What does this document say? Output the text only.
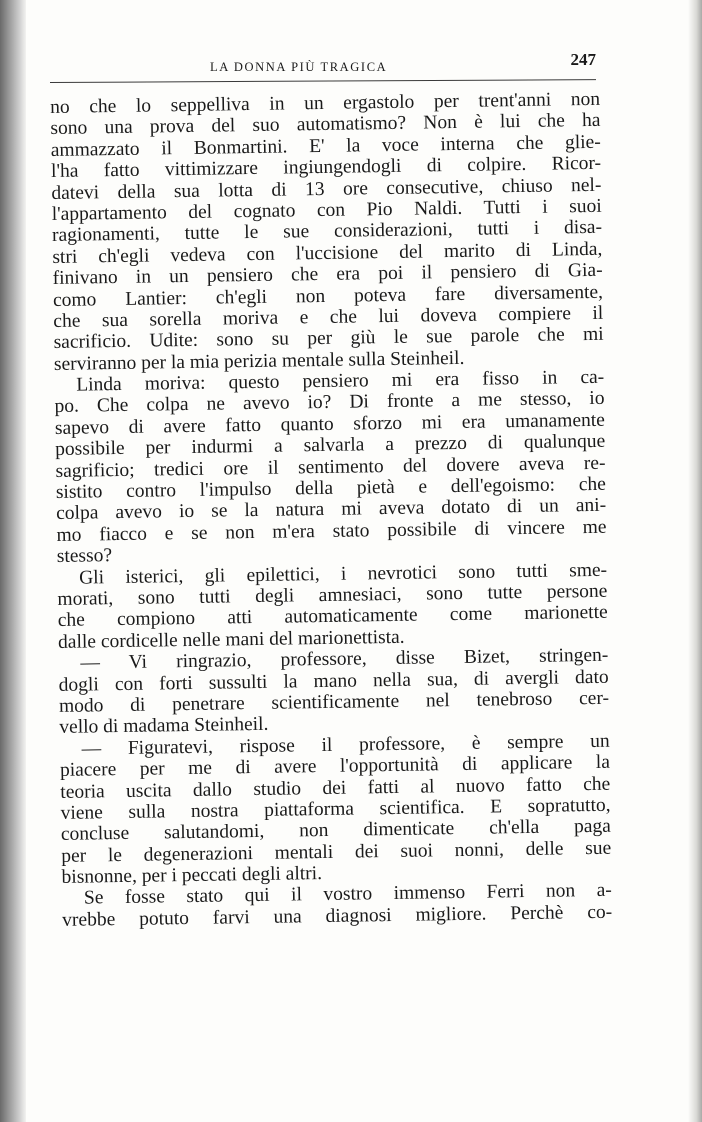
LA DONNA PIÙ TRAGICA	247
no che lo seppelliva in un ergastolo per trent'anni non
sono una prova del suo automatismo? Non è lui che ha
ammazzato il Bonmartini. E' la voce interna che glie-
l'ha fatto vittimizzare ingiungendogli di colpire. Ricor-
datevi della sua lotta di 13 ore consecutive, chiuso nel-
l'appartamento del cognato con Pio Naldi. Tutti i suoi
ragionamenti, tutte le sue considerazioni, tutti i disa-
stri ch'egli vedeva con l'uccisione del marito di Linda,
finivano in un pensiero che era poi il pensiero di Gia-
como Lantier: ch'egli non poteva fare diversamente,
che sua sorella moriva e che lui doveva compiere il
sacrificio. Udite: sono su per giù le sue parole che mi
serviranno per la mia perizia mentale sulla Steinheil.
Linda moriva: questo pensiero mi era fisso in ca-
po. Che colpa ne avevo io? Di fronte a me stesso, io
sapevo di avere fatto quanto sforzo mi era umanamente
possibile per indurmi a salvarla a prezzo di qualunque
sagrificio; tredici ore il sentimento del dovere aveva re-
sistito contro l'impulso della pietà e dell'egoismo: che
colpa avevo io se la natura mi aveva dotato di un ani-
mo fiacco e se non m'era stato possibile di vincere me
stesso?
Gli isterici, gli epilettici, i nevrotici sono tutti sme-
morati, sono tutti degli amnesiaci, sono tutte persone
che compiono atti automaticamente come marionette
dalle cordicelle nelle mani del marionettista.
— Vi ringrazio, professore, disse Bizet, stringen-
dogli con forti sussulti la mano nella sua, di avergli dato
modo di penetrare scientificamente nel tenebroso cer-
vello di madama Steinheil.
— Figuratevi, rispose il professore, è sempre un
piacere per me di avere l'opportunità di applicare la
teoria uscita dallo studio dei fatti al nuovo fatto che
viene sulla nostra piattaforma scientifica. E sopratutto,
concluse salutandomi, non dimenticate ch'ella paga
per le degenerazioni mentali dei suoi nonni, delle sue
bisnonne, per i peccati degli altri.
Se fosse stato qui il vostro immenso Ferri non a-
vrebbe potuto farvi una diagnosi migliore. Perchè co-
